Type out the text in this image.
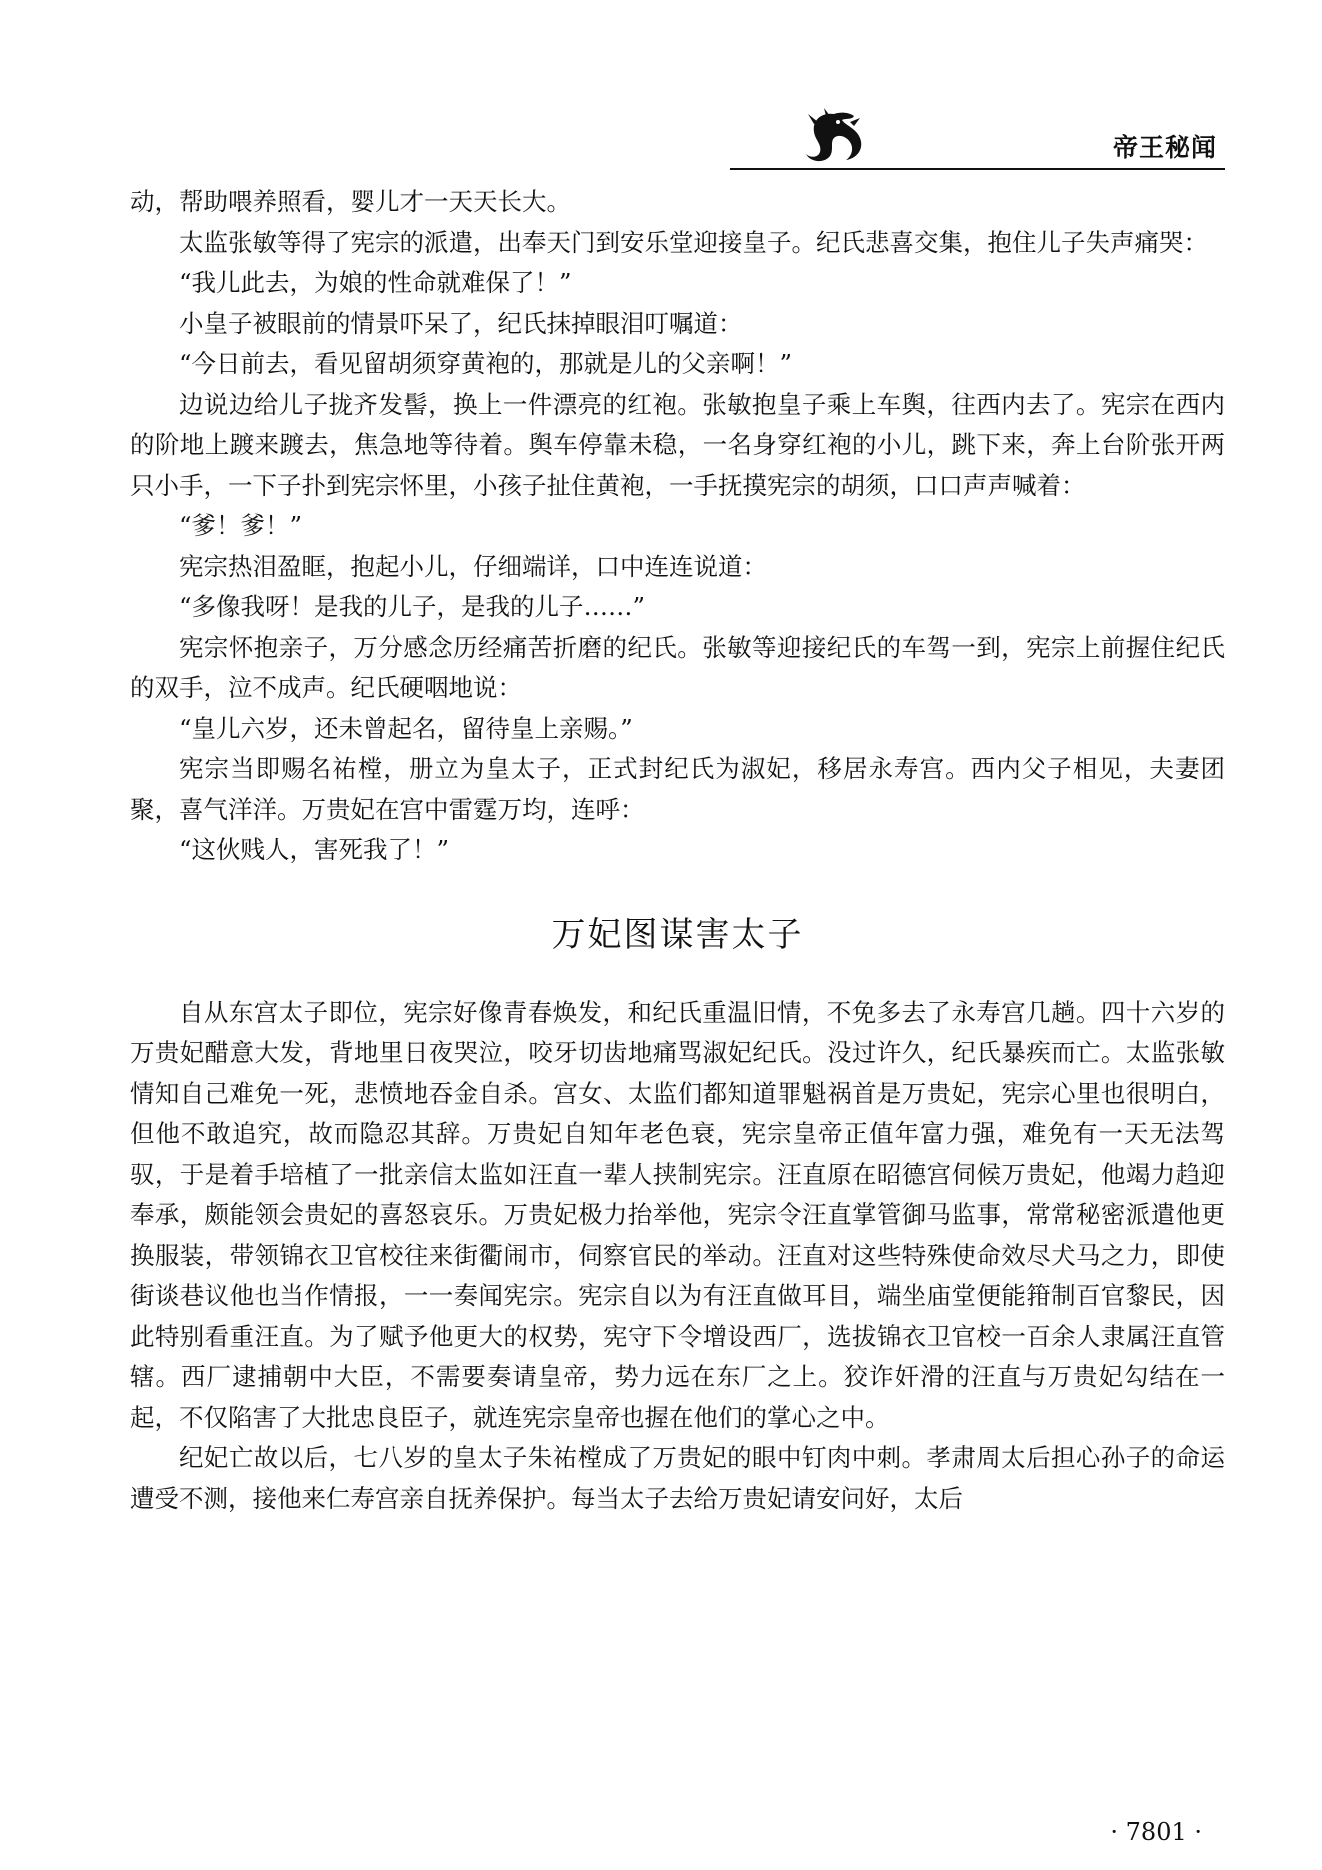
帝王秘闻

动，帮助喂养照看，婴儿才一天天长大。

太监张敏等得了宪宗的派遣，出奉天门到安乐堂迎接皇子。纪氏悲喜交集，抱住儿子失声痛哭：

“我儿此去，为娘的性命就难保了！”

小皇子被眼前的情景吓呆了，纪氏抹掉眼泪叮嘱道：

“今日前去，看见留胡须穿黄袍的，那就是儿的父亲啊！”

边说边给儿子拢齐发髻，换上一件漂亮的红袍。张敏抱皇子乘上车舆，往西内去了。宪宗在西内的阶地上踱来踱去，焦急地等待着。舆车停靠未稳，一名身穿红袍的小儿，跳下来，奔上台阶张开两只小手，一下子扑到宪宗怀里，小孩子扯住黄袍，一手抚摸宪宗的胡须，口口声声喊着：

“爹！爹！”

宪宗热泪盈眶，抱起小儿，仔细端详，口中连连说道：

“多像我呀！是我的儿子，是我的儿子……”

宪宗怀抱亲子，万分感念历经痛苦折磨的纪氏。张敏等迎接纪氏的车驾一到，宪宗上前握住纪氏的双手，泣不成声。纪氏硬咽地说：

“皇儿六岁，还未曾起名，留待皇上亲赐。”

宪宗当即赐名祐樘，册立为皇太子，正式封纪氏为淑妃，移居永寿宫。西内父子相见，夫妻团聚，喜气洋洋。万贵妃在宫中雷霆万均，连呼：

“这伙贱人，害死我了！”

万妃图谋害太子

自从东宫太子即位，宪宗好像青春焕发，和纪氏重温旧情，不免多去了永寿宫几趟。四十六岁的万贵妃醋意大发，背地里日夜哭泣，咬牙切齿地痛骂淑妃纪氏。没过许久，纪氏暴疾而亡。太监张敏情知自己难免一死，悲愤地吞金自杀。宫女、太监们都知道罪魁祸首是万贵妃，宪宗心里也很明白，但他不敢追究，故而隐忍其辞。万贵妃自知年老色衰，宪宗皇帝正值年富力强，难免有一天无法驾驭，于是着手培植了一批亲信太监如汪直一辈人挟制宪宗。汪直原在昭德宫伺候万贵妃，他竭力趋迎奉承，颇能领会贵妃的喜怒哀乐。万贵妃极力抬举他，宪宗令汪直掌管御马监事，常常秘密派遣他更换服装，带领锦衣卫官校往来街衢闹市，伺察官民的举动。汪直对这些特殊使命效尽犬马之力，即使街谈巷议他也当作情报，一一奏闻宪宗。宪宗自以为有汪直做耳目，端坐庙堂便能箝制百官黎民，因此特别看重汪直。为了赋予他更大的权势，宪守下令增设西厂，选拔锦衣卫官校一百余人隶属汪直管辖。西厂逮捕朝中大臣，不需要奏请皇帝，势力远在东厂之上。狡诈奸滑的汪直与万贵妃勾结在一起，不仅陷害了大批忠良臣子，就连宪宗皇帝也握在他们的掌心之中。

纪妃亡故以后，七八岁的皇太子朱祐樘成了万贵妃的眼中钉肉中刺。孝肃周太后担心孙子的命运遭受不测，接他来仁寿宫亲自抚养保护。每当太子去给万贵妃请安问好，太后

· 7801 ·
